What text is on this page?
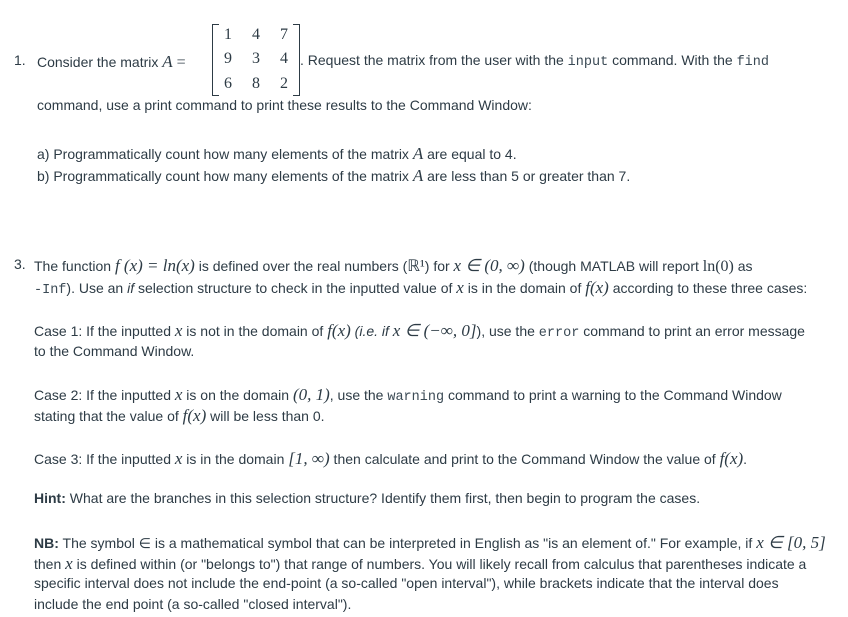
1. Consider the matrix A =
1 4 7
9 3 4
6 8 2
. Request the matrix from the user with the input command. With the find
command, use a print command to print these results to the Command Window:
a) Programmatically count how many elements of the matrix A are equal to 4.
b) Programmatically count how many elements of the matrix A are less than 5 or greater than 7.
3. The function f (x) = ln(x) is defined over the real numbers (ℝ¹) for x ∈ (0, ∞) (though MATLAB will report ln(0) as
-Inf). Use an if selection structure to check in the inputted value of x is in the domain of f(x) according to these three cases:
Case 1: If the inputted x is not in the domain of f(x) (i.e. if x ∈ (−∞, 0]), use the error command to print an error message
to the Command Window.
Case 2: If the inputted x is on the domain (0, 1), use the warning command to print a warning to the Command Window
stating that the value of f(x) will be less than 0.
Case 3: If the inputted x is in the domain [1, ∞) then calculate and print to the Command Window the value of f(x).
Hint: What are the branches in this selection structure? Identify them first, then begin to program the cases.
NB: The symbol ∈ is a mathematical symbol that can be interpreted in English as "is an element of." For example, if x ∈ [0, 5]
then x is defined within (or "belongs to") that range of numbers. You will likely recall from calculus that parentheses indicate a
specific interval does not include the end-point (a so-called "open interval"), while brackets indicate that the interval does
include the end point (a so-called "closed interval").
